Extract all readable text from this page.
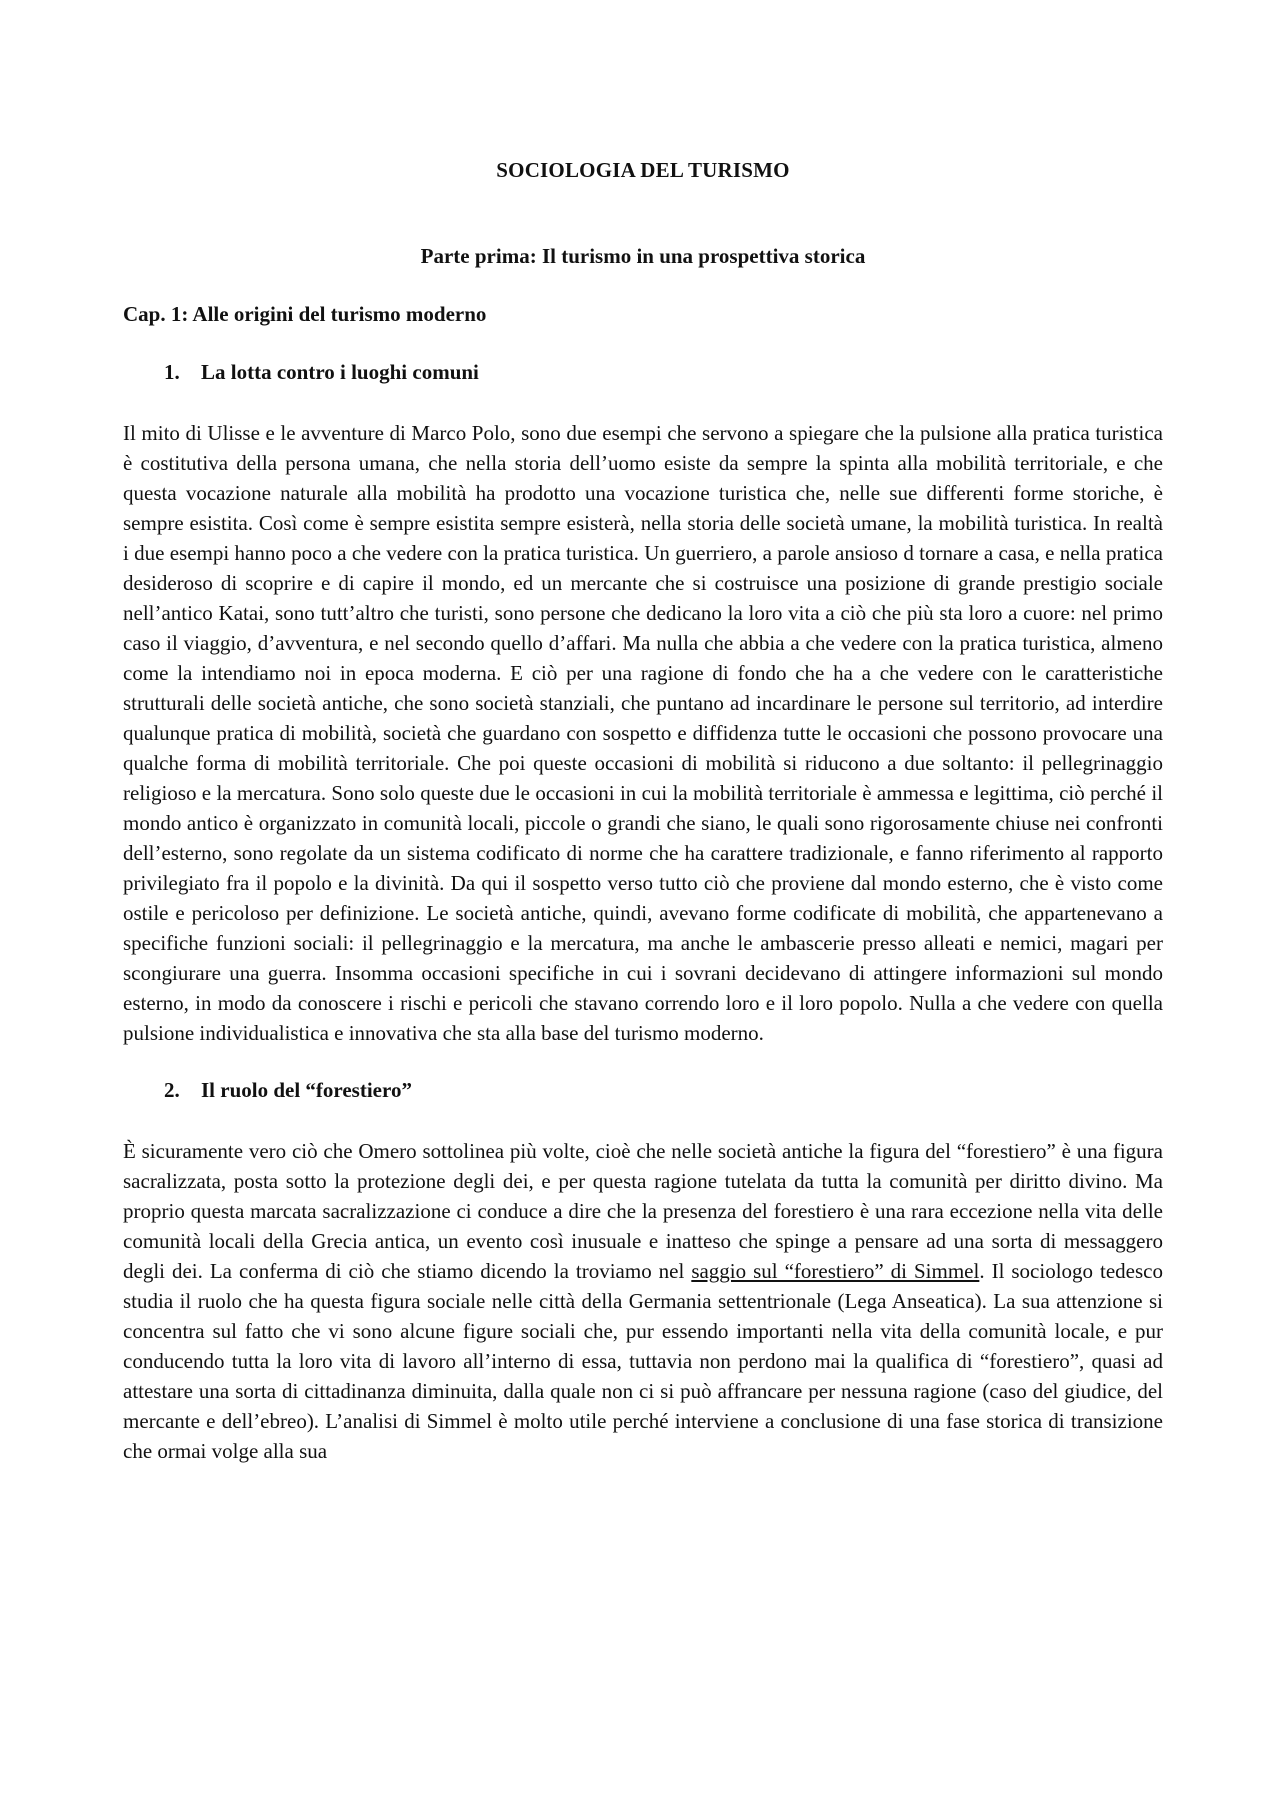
SOCIOLOGIA DEL TURISMO
Parte prima: Il turismo in una prospettiva storica
Cap. 1: Alle origini del turismo moderno
1. La lotta contro i luoghi comuni

Il mito di Ulisse e le avventure di Marco Polo, sono due esempi che servono a spiegare che la pulsione alla pratica turistica è costitutiva della persona umana, che nella storia dell’uomo esiste da sempre la spinta alla mobilità territoriale, e che questa vocazione naturale alla mobilità ha prodotto una vocazione turistica che, nelle sue differenti forme storiche, è sempre esistita. Così come è sempre esistita sempre esisterà, nella storia delle società umane, la mobilità turistica. In realtà i due esempi hanno poco a che vedere con la pratica turistica. Un guerriero, a parole ansioso d tornare a casa, e nella pratica desideroso di scoprire e di capire il mondo, ed un mercante che si costruisce una posizione di grande prestigio sociale nell’antico Katai, sono tutt’altro che turisti, sono persone che dedicano la loro vita a ciò che più sta loro a cuore: nel primo caso il viaggio, d’avventura, e nel secondo quello d’affari. Ma nulla che abbia a che vedere con la pratica turistica, almeno come la intendiamo noi in epoca moderna. E ciò per una ragione di fondo che ha a che vedere con le caratteristiche strutturali delle società antiche, che sono società stanziali, che puntano ad incardinare le persone sul territorio, ad interdire qualunque pratica di mobilità, società che guardano con sospetto e diffidenza tutte le occasioni che possono provocare una qualche forma di mobilità territoriale. Che poi queste occasioni di mobilità si riducono a due soltanto: il pellegrinaggio religioso e la mercatura. Sono solo queste due le occasioni in cui la mobilità territoriale è ammessa e legittima, ciò perché il mondo antico è organizzato in comunità locali, piccole o grandi che siano, le quali sono rigorosamente chiuse nei confronti dell’esterno, sono regolate da un sistema codificato di norme che ha carattere tradizionale, e fanno riferimento al rapporto privilegiato fra il popolo e la divinità. Da qui il sospetto verso tutto ciò che proviene dal mondo esterno, che è visto come ostile e pericoloso per definizione. Le società antiche, quindi, avevano forme codificate di mobilità, che appartenevano a specifiche funzioni sociali: il pellegrinaggio e la mercatura, ma anche le ambascerie presso alleati e nemici, magari per scongiurare una guerra. Insomma occasioni specifiche in cui i sovrani decidevano di attingere informazioni sul mondo esterno, in modo da conoscere i rischi e pericoli che stavano correndo loro e il loro popolo. Nulla a che vedere con quella pulsione individualistica e innovativa che sta alla base del turismo moderno.

2. Il ruolo del “forestiero”

È sicuramente vero ciò che Omero sottolinea più volte, cioè che nelle società antiche la figura del “forestiero” è una figura sacralizzata, posta sotto la protezione degli dei, e per questa ragione tutelata da tutta la comunità per diritto divino. Ma proprio questa marcata sacralizzazione ci conduce a dire che la presenza del forestiero è una rara eccezione nella vita delle comunità locali della Grecia antica, un evento così inusuale e inatteso che spinge a pensare ad una sorta di messaggero degli dei. La conferma di ciò che stiamo dicendo la troviamo nel saggio sul “forestiero” di Simmel. Il sociologo tedesco studia il ruolo che ha questa figura sociale nelle città della Germania settentrionale (Lega Anseatica). La sua attenzione si concentra sul fatto che vi sono alcune figure sociali che, pur essendo importanti nella vita della comunità locale, e pur conducendo tutta la loro vita di lavoro all’interno di essa, tuttavia non perdono mai la qualifica di “forestiero”, quasi ad attestare una sorta di cittadinanza diminuita, dalla quale non ci si può affrancare per nessuna ragione (caso del giudice, del mercante e dell’ebreo). L’analisi di Simmel è molto utile perché interviene a conclusione di una fase storica di transizione che ormai volge alla sua
